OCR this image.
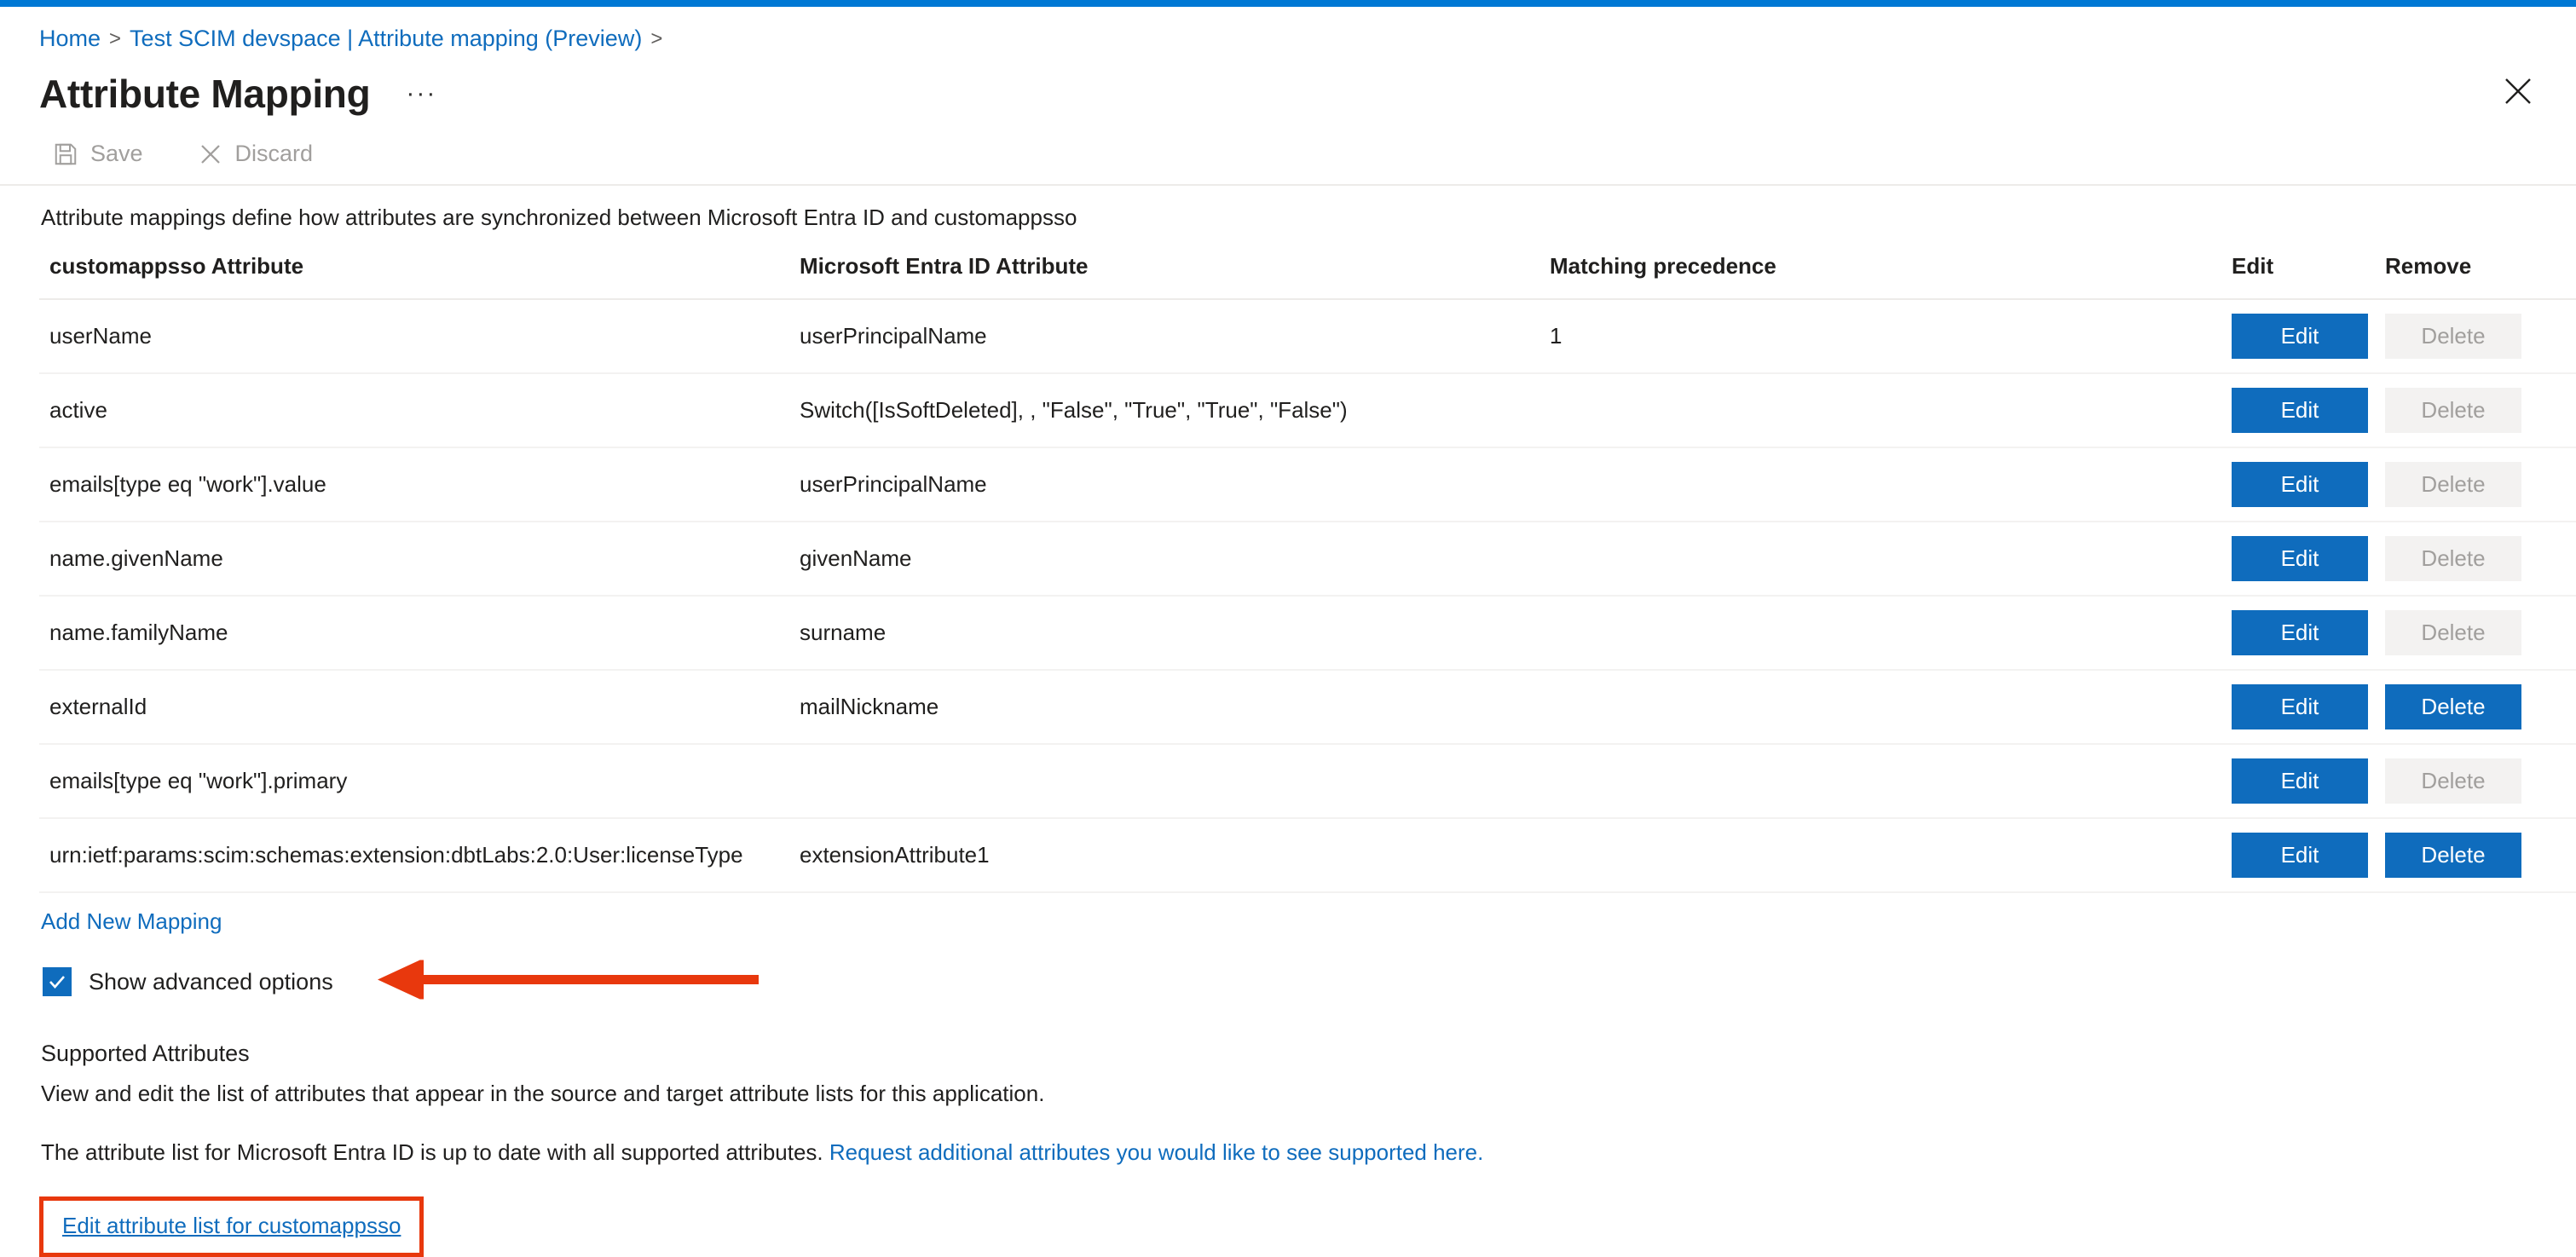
Home > Test SCIM devspace | Attribute mapping (Preview) >
Attribute Mapping ···
Save	Discard
Attribute mappings define how attributes are synchronized between Microsoft Entra ID and customappsso
customappsso Attribute	Microsoft Entra ID Attribute	Matching precedence	Edit	Remove
userName	userPrincipalName	1	Edit	Delete
active	Switch([IsSoftDeleted], , "False", "True", "True", "False")		Edit	Delete
emails[type eq "work"].value	userPrincipalName		Edit	Delete
name.givenName	givenName		Edit	Delete
name.familyName	surname		Edit	Delete
externalId	mailNickname		Edit	Delete
emails[type eq "work"].primary			Edit	Delete
urn:ietf:params:scim:schemas:extension:dbtLabs:2.0:User:licenseType	extensionAttribute1		Edit	Delete
Add New Mapping
Show advanced options
Supported Attributes
View and edit the list of attributes that appear in the source and target attribute lists for this application.
The attribute list for Microsoft Entra ID is up to date with all supported attributes. Request additional attributes you would like to see supported here.
Edit attribute list for customappsso
